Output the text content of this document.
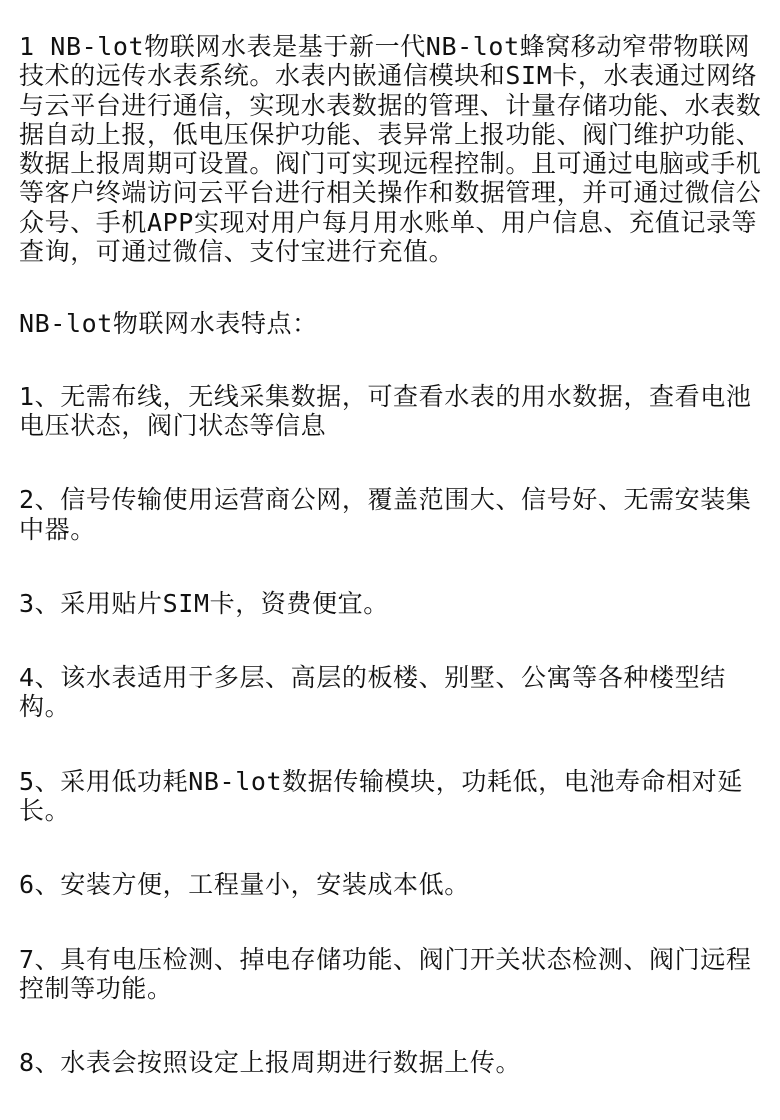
1 NB-lot物联网水表是基于新一代NB-lot蜂窝移动窄带物联网技术的远传水表系统。水表内嵌通信模块和SIM卡，水表通过网络与云平台进行通信，实现水表数据的管理、计量存储功能、水表数据自动上报，低电压保护功能、表异常上报功能、阀门维护功能、数据上报周期可设置。阀门可实现远程控制。且可通过电脑或手机等客户终端访问云平台进行相关操作和数据管理，并可通过微信公众号、手机APP实现对用户每月用水账单、用户信息、充值记录等查询，可通过微信、支付宝进行充值。

NB-lot物联网水表特点：

1、无需布线，无线采集数据，可查看水表的用水数据，查看电池电压状态，阀门状态等信息

2、信号传输使用运营商公网，覆盖范围大、信号好、无需安装集中器。

3、采用贴片SIM卡，资费便宜。

4、该水表适用于多层、高层的板楼、别墅、公寓等各种楼型结构。

5、采用低功耗NB-lot数据传输模块，功耗低，电池寿命相对延长。

6、安装方便，工程量小，安装成本低。

7、具有电压检测、掉电存储功能、阀门开关状态检测、阀门远程控制等功能。

8、水表会按照设定上报周期进行数据上传。
